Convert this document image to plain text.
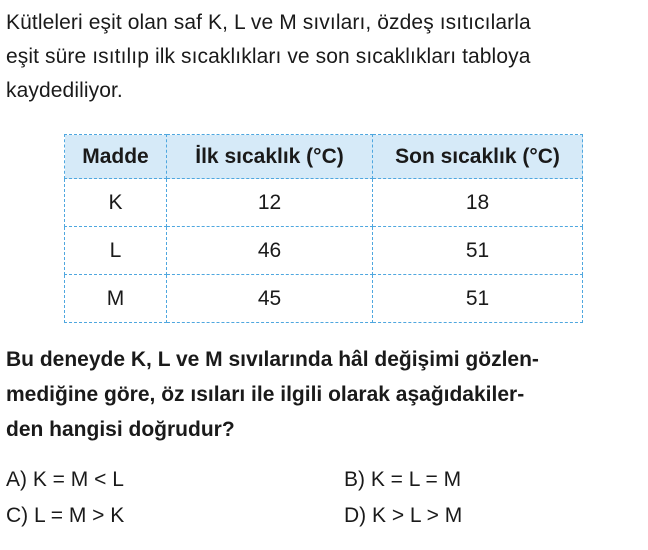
Kütleleri eşit olan saf K, L ve M sıvıları, özdeş ısıtıcılarla
eşit süre ısıtılıp ilk sıcaklıkları ve son sıcaklıkları tabloya
kaydediliyor.
Madde	İlk sıcaklık (°C)	Son sıcaklık (°C)
K	12	18
L	46	51
M	45	51
Bu deneyde K, L ve M sıvılarında hâl değişimi gözlen-
mediğine göre, öz ısıları ile ilgili olarak aşağıdakiler-
den hangisi doğrudur?
A) K = M < L	B) K = L = M
C) L = M > K	D) K > L > M
